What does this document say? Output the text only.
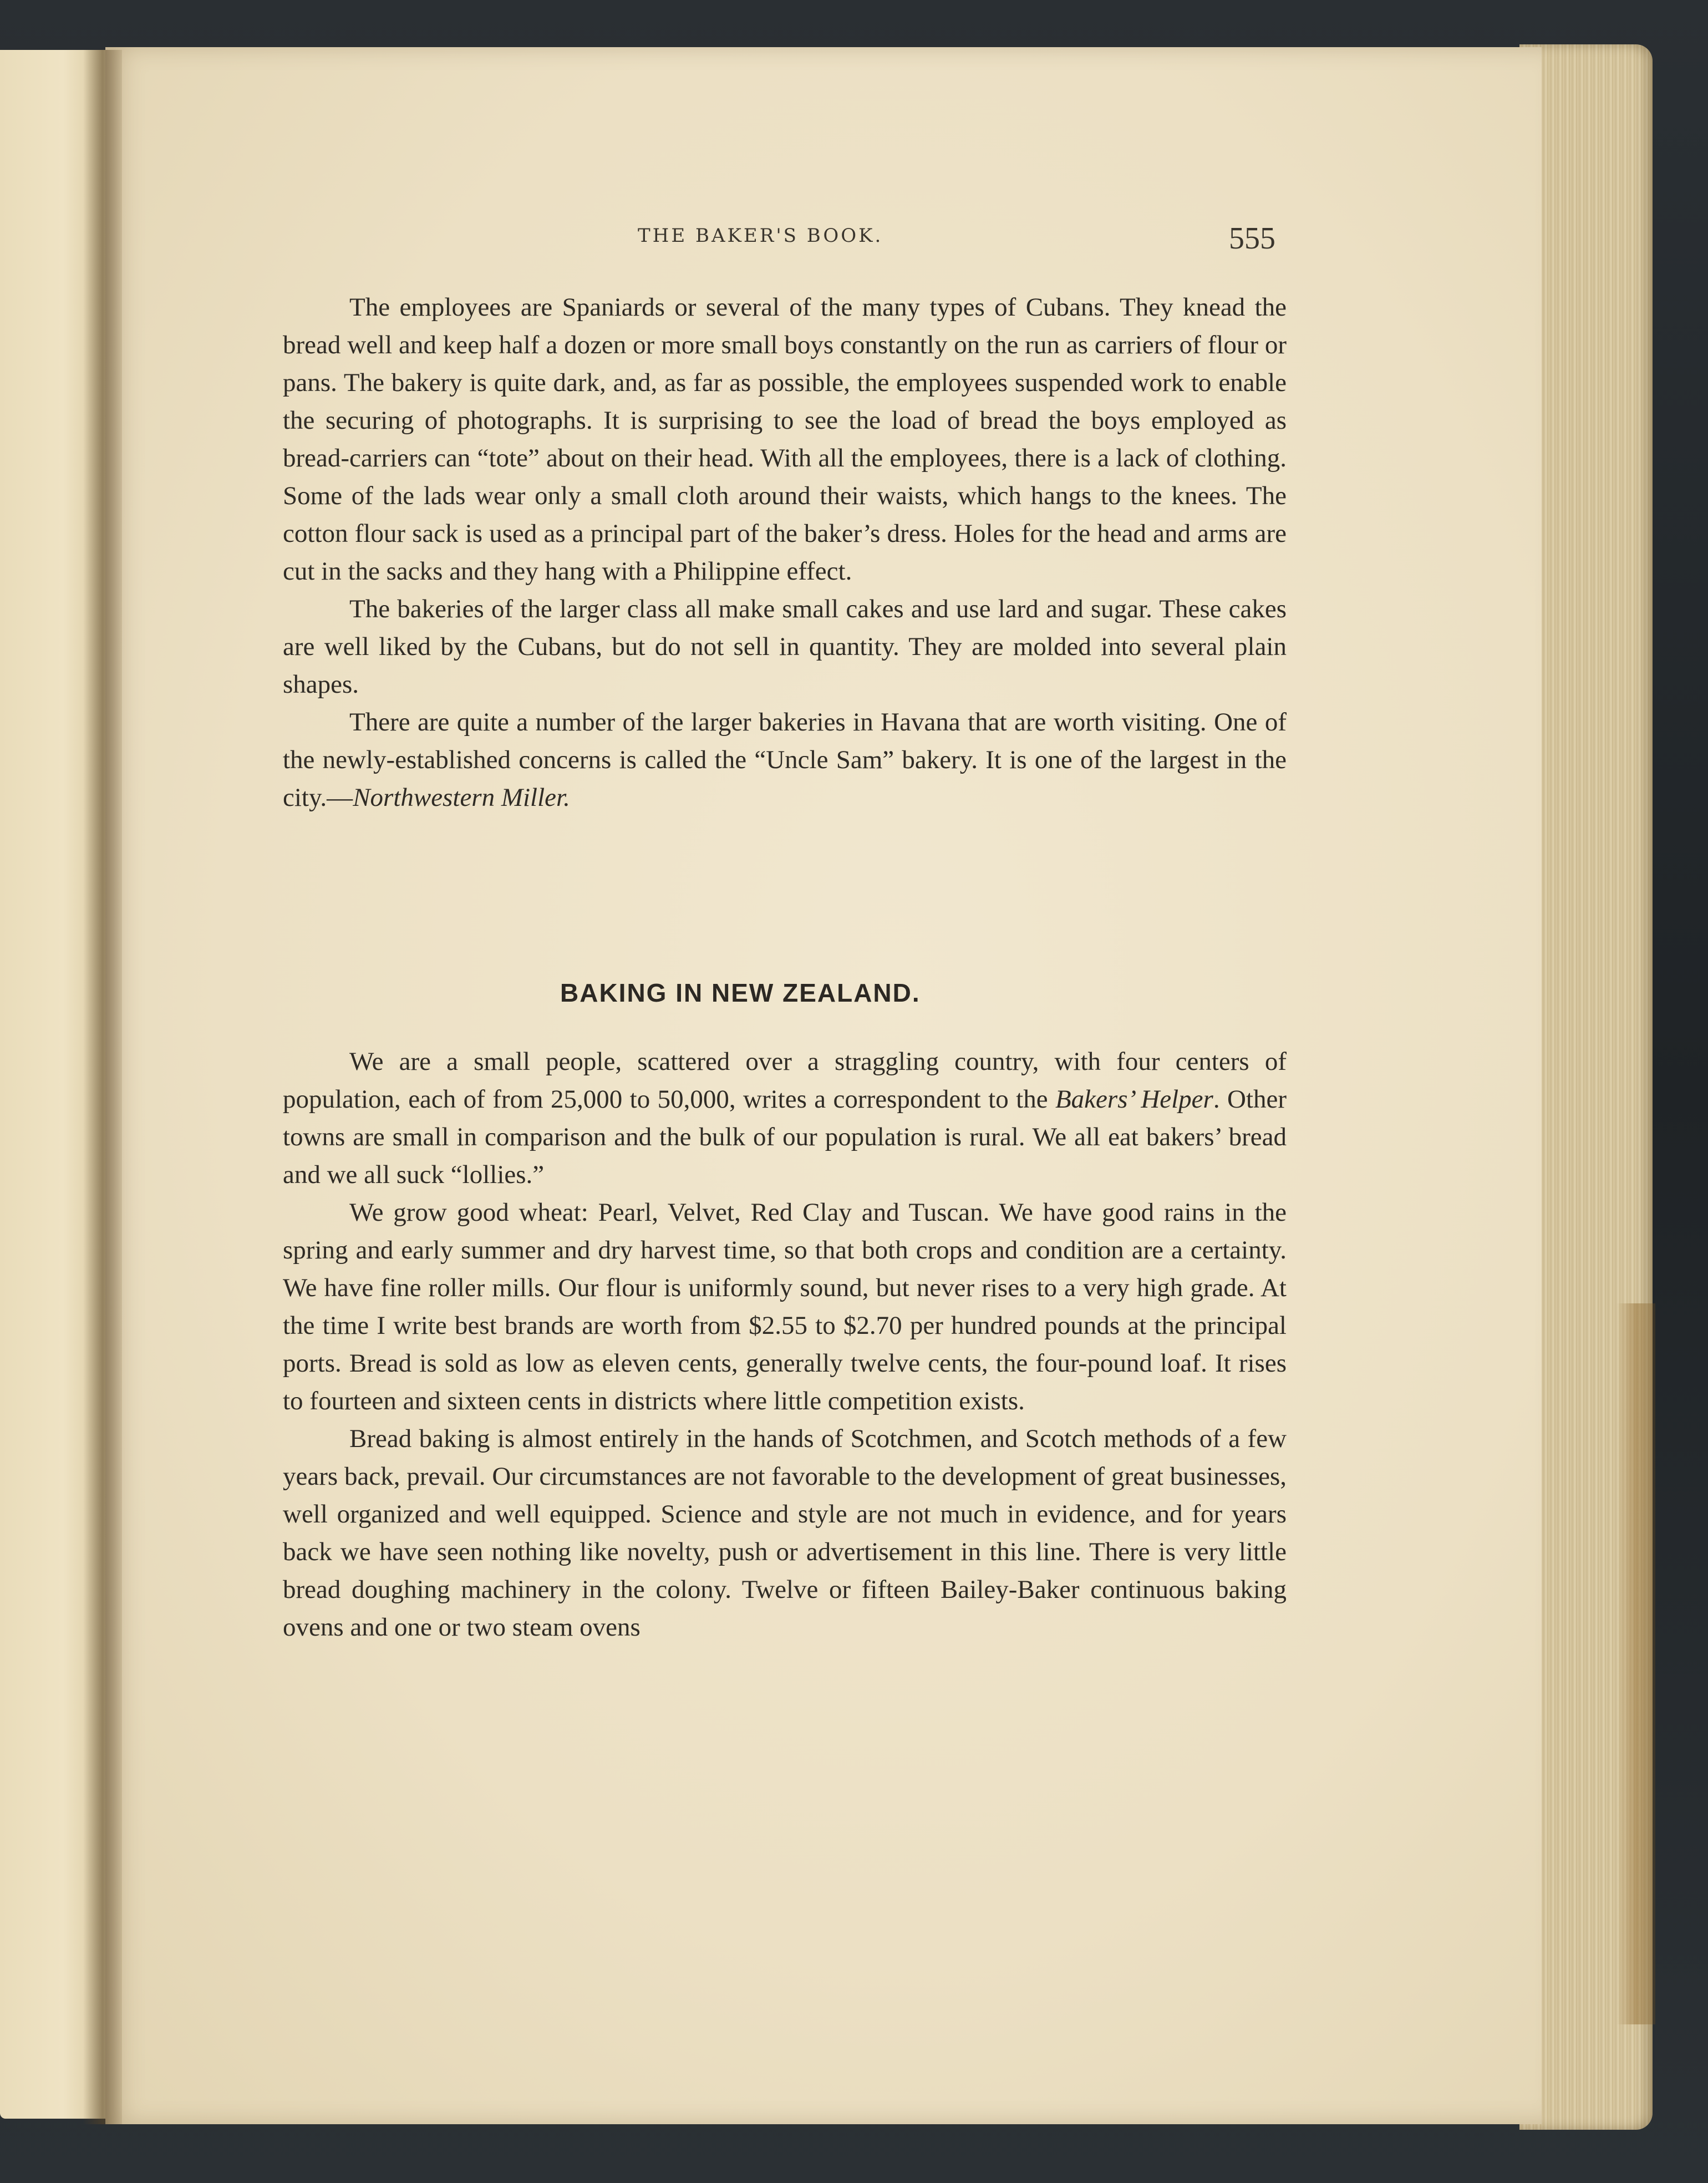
THE BAKER'S BOOK.	555

The employees are Spaniards or several of the many types of Cubans. They knead the bread well and keep half a dozen or more small boys constantly on the run as carriers of flour or pans. The bakery is quite dark, and, as far as possible, the employees suspended work to enable the securing of photographs. It is surprising to see the load of bread the boys employed as bread-carriers can “tote” about on their head. With all the employees, there is a lack of clothing. Some of the lads wear only a small cloth around their waists, which hangs to the knees. The cotton flour sack is used as a principal part of the baker’s dress. Holes for the head and arms are cut in the sacks and they hang with a Philippine effect.

The bakeries of the larger class all make small cakes and use lard and sugar. These cakes are well liked by the Cubans, but do not sell in quantity. They are molded into several plain shapes.

There are quite a number of the larger bakeries in Havana that are worth visiting. One of the newly-established concerns is called the “Uncle Sam” bakery. It is one of the largest in the city.—Northwestern Miller.

BAKING IN NEW ZEALAND.

We are a small people, scattered over a straggling country, with four centers of population, each of from 25,000 to 50,000, writes a correspondent to the Bakers’ Helper. Other towns are small in comparison and the bulk of our population is rural. We all eat bakers’ bread and we all suck “lollies.”

We grow good wheat: Pearl, Velvet, Red Clay and Tuscan. We have good rains in the spring and early summer and dry harvest time, so that both crops and condition are a certainty. We have fine roller mills. Our flour is uniformly sound, but never rises to a very high grade. At the time I write best brands are worth from $2.55 to $2.70 per hundred pounds at the principal ports. Bread is sold as low as eleven cents, generally twelve cents, the four-pound loaf. It rises to fourteen and sixteen cents in districts where little competition exists.

Bread baking is almost entirely in the hands of Scotchmen, and Scotch methods of a few years back, prevail. Our circumstances are not favorable to the development of great businesses, well organized and well equipped. Science and style are not much in evidence, and for years back we have seen nothing like novelty, push or advertisement in this line. There is very little bread doughing machinery in the colony. Twelve or fifteen Bailey-Baker continuous baking ovens and one or two steam ovens
